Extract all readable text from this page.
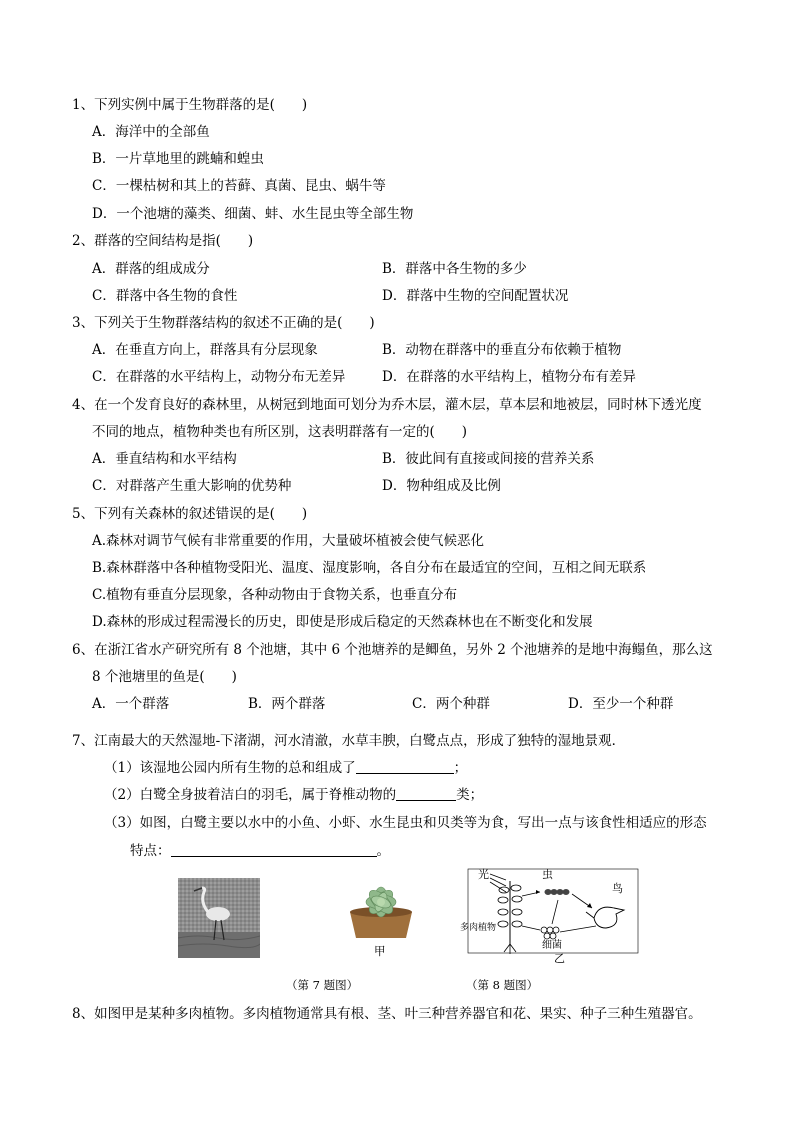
1、下列实例中属于生物群落的是(　　)
A．海洋中的全部鱼
B．一片草地里的跳蝻和蝗虫
C．一棵枯树和其上的苔藓、真菌、昆虫、蜗牛等
D．一个池塘的藻类、细菌、蚌、水生昆虫等全部生物
2、群落的空间结构是指(　　)
A．群落的组成成分	B．群落中各生物的多少
C．群落中各生物的食性	D．群落中生物的空间配置状况
3、下列关于生物群落结构的叙述不正确的是(　　)
A．在垂直方向上，群落具有分层现象	B．动物在群落中的垂直分布依赖于植物
C．在群落的水平结构上，动物分布无差异	D．在群落的水平结构上，植物分布有差异
4、在一个发育良好的森林里，从树冠到地面可划分为乔木层，灌木层，草本层和地被层，同时林下透光度
不同的地点，植物种类也有所区别，这表明群落有一定的(　　)
A．垂直结构和水平结构	B．彼此间有直接或间接的营养关系
C．对群落产生重大影响的优势种	D．物种组成及比例
5、下列有关森林的叙述错误的是(　　)
A.森林对调节气候有非常重要的作用，大量破坏植被会使气候恶化
B.森林群落中各种植物受阳光、温度、湿度影响，各自分布在最适宜的空间，互相之间无联系
C.植物有垂直分层现象，各种动物由于食物关系，也垂直分布
D.森林的形成过程需漫长的历史，即使是形成后稳定的天然森林也在不断变化和发展
6、在浙江省水产研究所有 8 个池塘，其中 6 个池塘养的是鲫鱼，另外 2 个池塘养的是地中海鳎鱼，那么这
8 个池塘里的鱼是(　　)
A．一个群落	B．两个群落	C．两个种群	D．至少一个种群
7、江南最大的天然湿地-下渚湖，河水清澈，水草丰腴，白鹭点点，形成了独特的湿地景观．
（1）该湿地公园内所有生物的总和组成了	；
（2）白鹭全身披着洁白的羽毛，属于脊椎动物的	类；
（3）如图，白鹭主要以水中的小鱼、小虾、水生昆虫和贝类等为食，写出一点与该食性相适应的形态
特点：	。
甲
光
多肉植物
虫
鸟
细菌
乙
（第 7 题图）	（第 8 题图）
8、如图甲是某种多肉植物。多肉植物通常具有根、茎、叶三种营养器官和花、果实、种子三种生殖器官。
